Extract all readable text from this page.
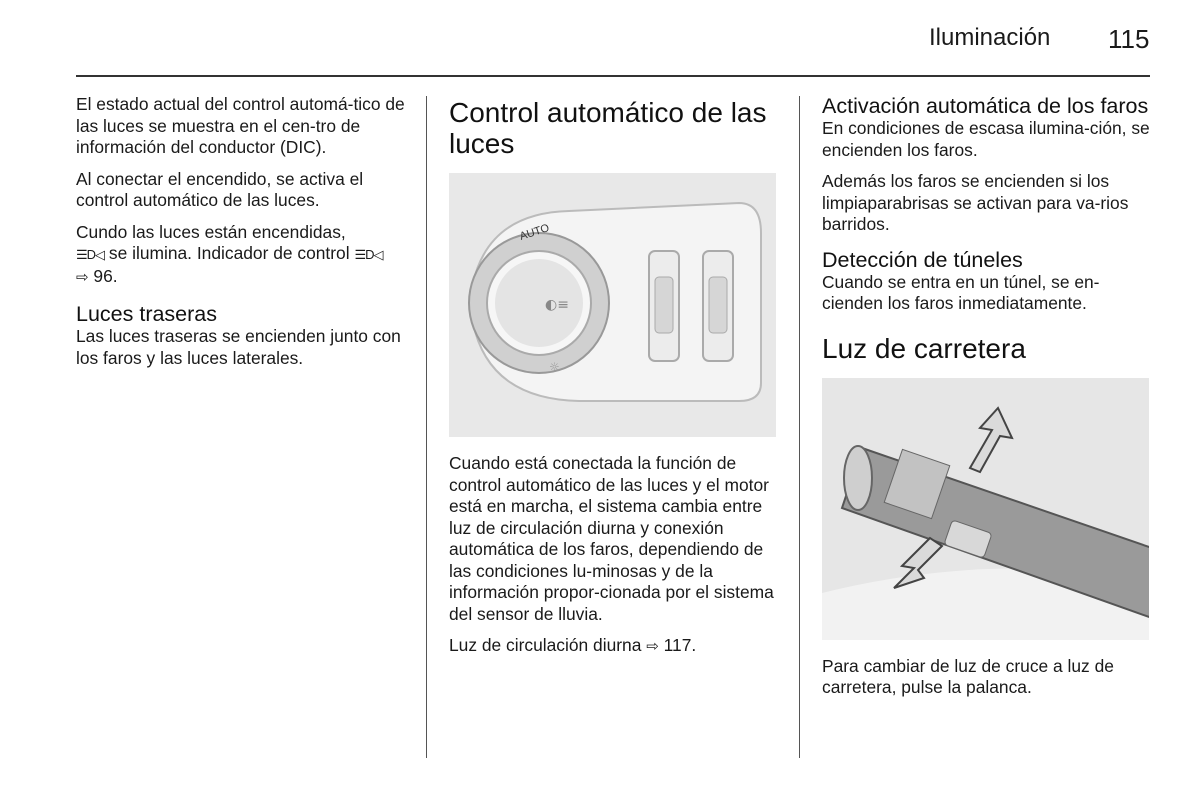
Iluminación 115

El estado actual del control automá-tico de las luces se muestra en el cen-tro de información del conductor (DIC).

Al conectar el encendido, se activa el control automático de las luces.

Cundo las luces están encendidas,
☰D◁ se ilumina. Indicador de control ☰D◁
⇨ 96.

Luces traseras

Las luces traseras se encienden junto con los faros y las luces laterales.

Control automático de las luces
AUTO
◐≡
☼

Cuando está conectada la función de control automático de las luces y el motor está en marcha, el sistema cambia entre luz de circulación diurna y conexión automática de los faros, dependiendo de las condiciones lu-minosas y de la información propor-cionada por el sistema del sensor de lluvia.

Luz de circulación diurna ⇨ 117.

Activación automática de los faros

En condiciones de escasa ilumina-ción, se encienden los faros.

Además los faros se encienden si los limpiaparabrisas se activan para va-rios barridos.

Detección de túneles

Cuando se entra en un túnel, se en-cienden los faros inmediatamente.

Luz de carretera

Para cambiar de luz de cruce a luz de carretera, pulse la palanca.
